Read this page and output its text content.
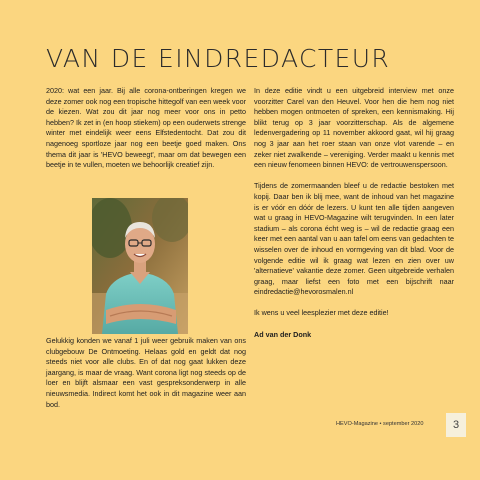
VAN DE EINDREDACTEUR

2020: wat een jaar. Bij alle corona-ontberingen kregen we deze zomer ook nog een tropische hittegolf van een week voor de kiezen. Wat zou dit jaar nog meer voor ons in petto hebben? Ik zet in (en hoop stiekem) op een ouderwets strenge winter met eindelijk weer eens Elfstedentocht. Dat zou dit nagenoeg sportloze jaar nog een beetje goed maken. Ons thema dit jaar is 'HEVO beweegt', maar om dat bewegen een beetje in te vullen, moeten we behoorlijk creatief zijn.

Gelukkig konden we vanaf 1 juli weer gebruik maken van ons clubgebouw De Ontmoeting. Helaas gold en geldt dat nog steeds niet voor alle clubs. En of dat nog gaat lukken deze jaargang, is maar de vraag. Want corona ligt nog steeds op de loer en blijft alsmaar een vast gespreksonderwerp in alle nieuwsmedia. Indirect komt het ook in dit magazine weer aan bod.

In deze editie vindt u een uitgebreid interview met onze voorzitter Carel van den Heuvel. Voor hen die hem nog niet hebben mogen ontmoeten of spreken, een kennismaking. Hij blikt terug op 3 jaar voorzitterschap. Als de algemene ledenvergadering op 11 november akkoord gaat, wil hij graag nog 3 jaar aan het roer staan van onze vlot varende – en zeker niet zwalkende – vereniging. Verder maakt u kennis met een nieuw fenomeen binnen HEVO: de vertrouwenspersoon.

Tijdens de zomermaanden bleef u de redactie bestoken met kopij. Daar ben ik blij mee, want de inhoud van het magazine is er vóór en dóór de lezers. U kunt ten alle tijden aangeven wat u graag in HEVO-Magazine wilt terugvinden. In een later stadium – als corona écht weg is – wil de redactie graag een keer met een aantal van u aan tafel om eens van gedachten te wisselen over de inhoud en vormgeving van dit blad. Voor de volgende editie wil ik graag wat lezen en zien over uw 'alternatieve' vakantie deze zomer. Geen uitgebreide verhalen graag, maar liefst een foto met een bijschrift naar eindredactie@hevorosmalen.nl

Ik wens u veel leesplezier met deze editie!

Ad van der Donk

HEVO-Magazine • september 2020	3
